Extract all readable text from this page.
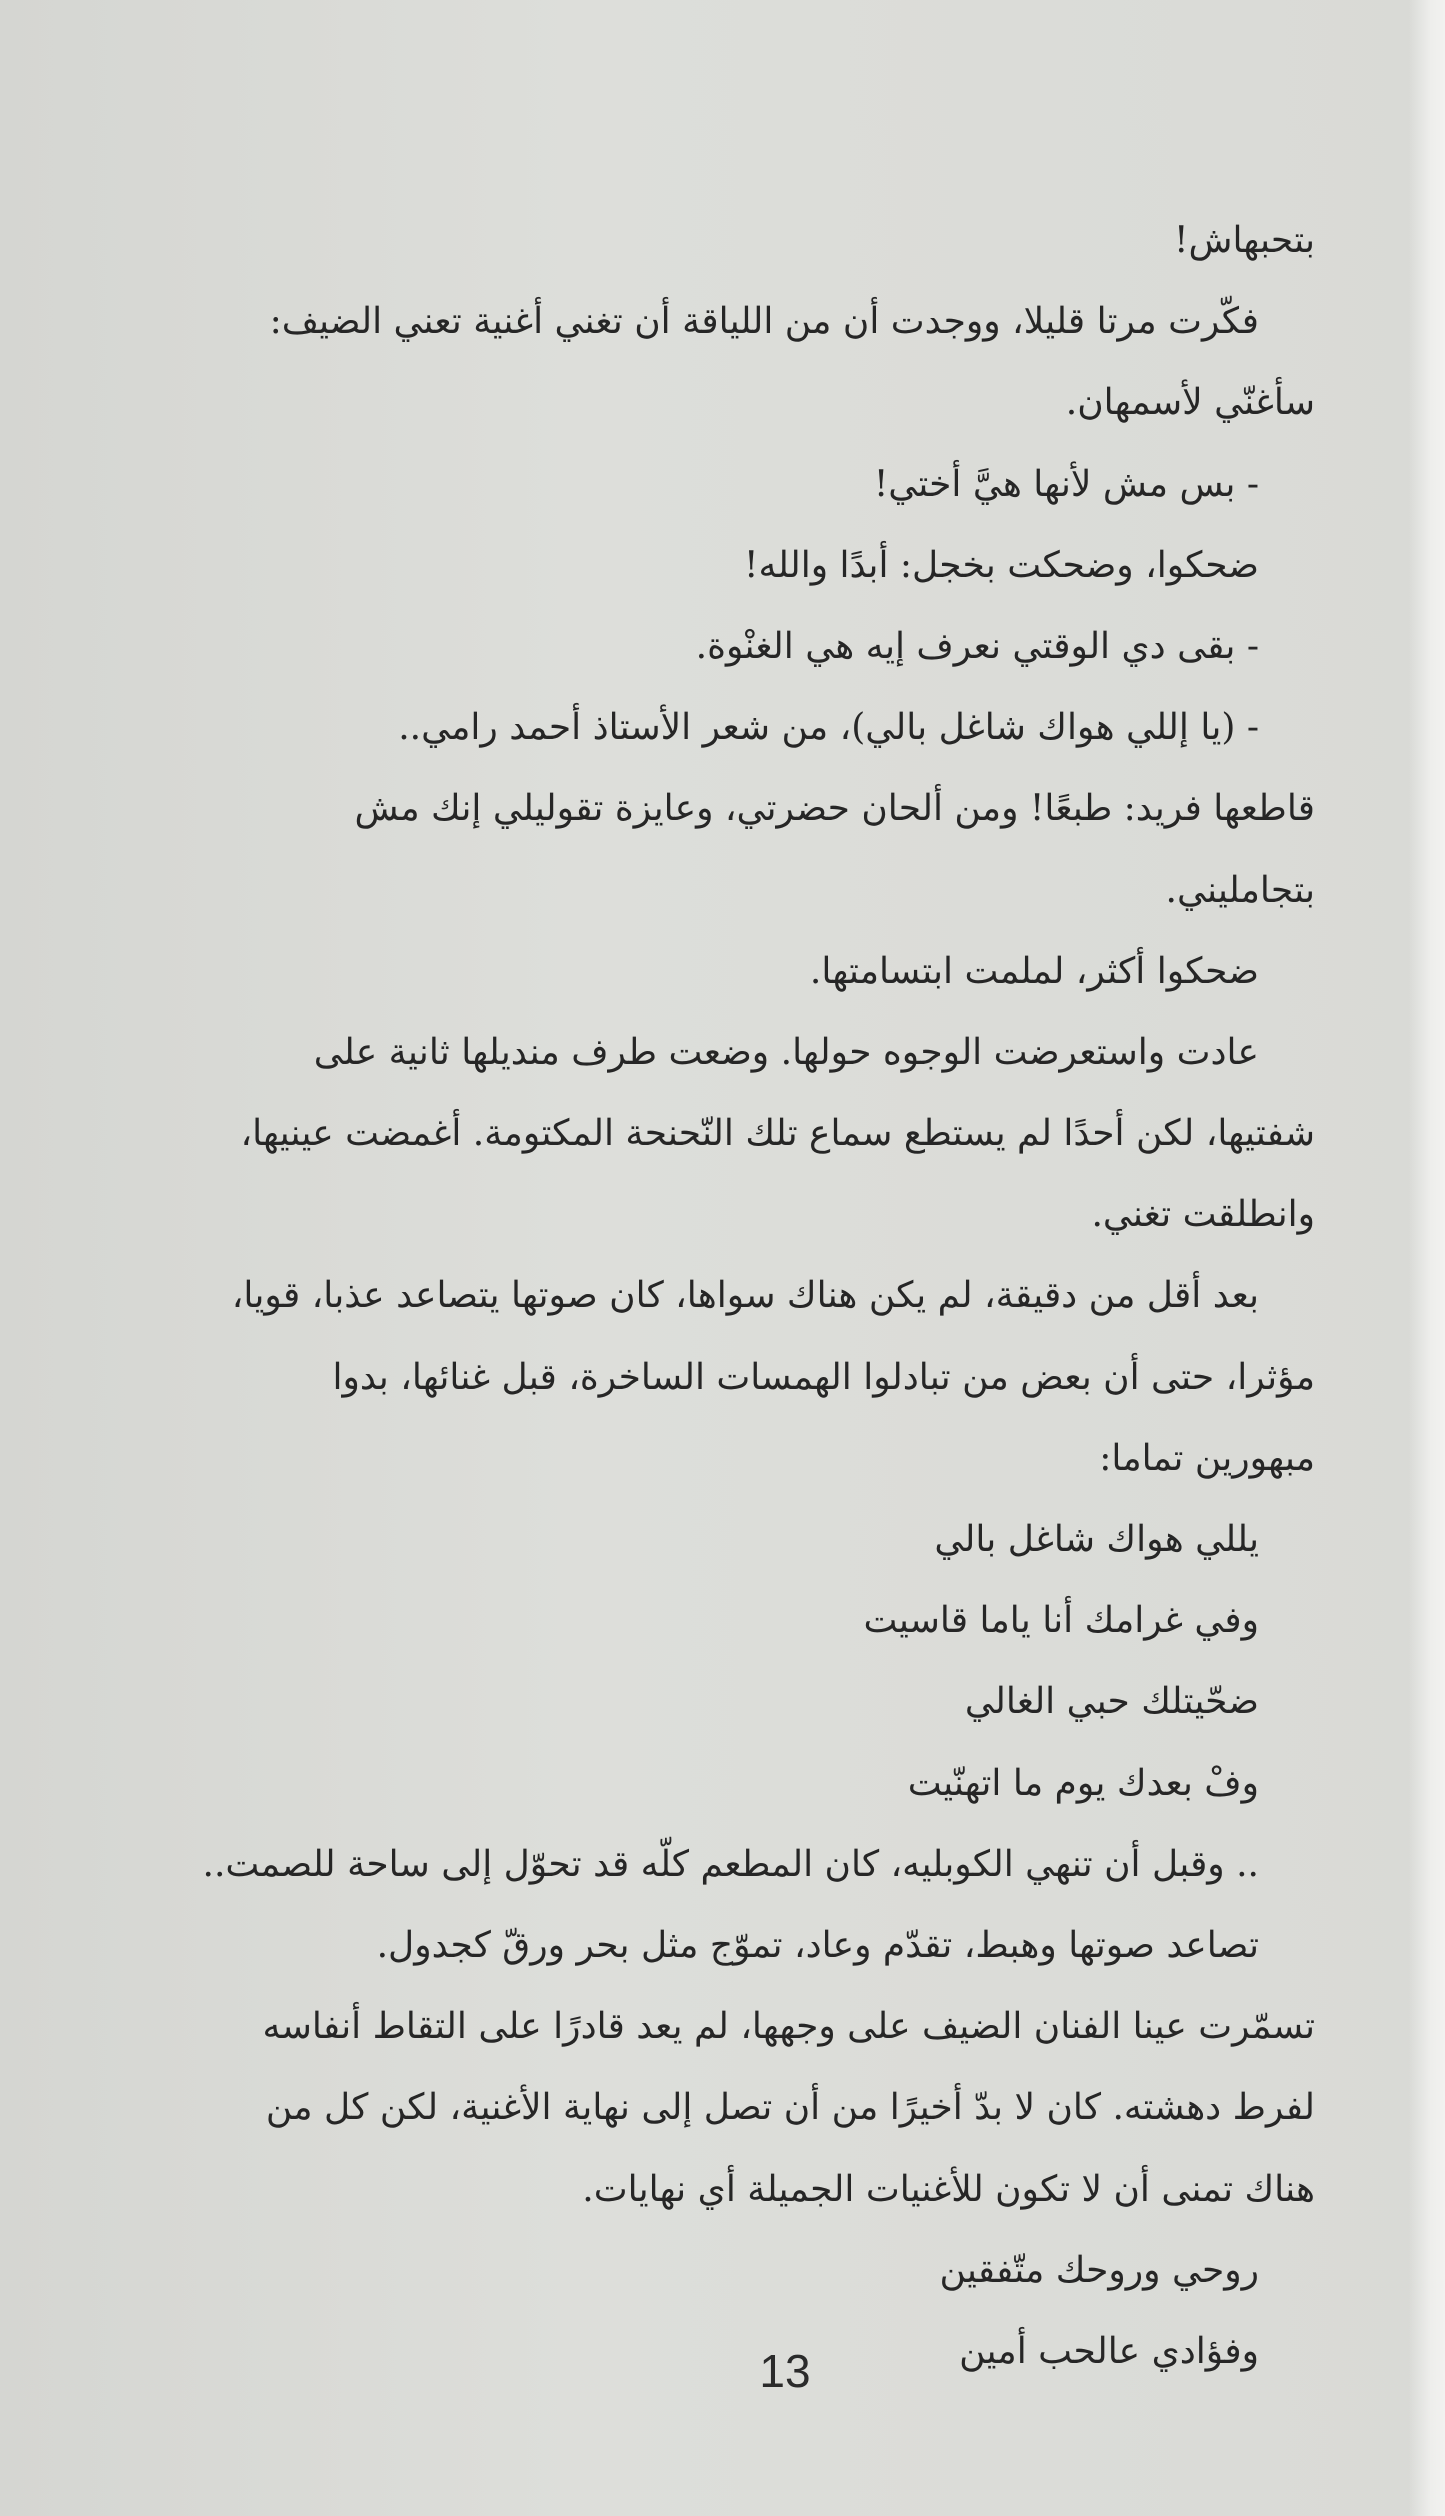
بتحبهاش!

فكّرت مرتا قليلا، ووجدت أن من اللياقة أن تغني أغنية تعني الضيف:

سأغنّي لأسمهان.

- بس مش لأنها هيَّ أختي!

ضحكوا، وضحكت بخجل: أبدًا والله!

- بقى دي الوقتي نعرف إيه هي الغنْوة.

- (يا إللي هواك شاغل بالي)، من شعر الأستاذ أحمد رامي..

قاطعها فريد: طبعًا! ومن ألحان حضرتي، وعايزة تقوليلي إنك مش

بتجامليني.

ضحكوا أكثر، لملمت ابتسامتها.

عادت واستعرضت الوجوه حولها. وضعت طرف منديلها ثانية على

شفتيها، لكن أحدًا لم يستطع سماع تلك النّحنحة المكتومة. أغمضت عينيها،

وانطلقت تغني.

بعد أقل من دقيقة، لم يكن هناك سواها، كان صوتها يتصاعد عذبا، قويا،

مؤثرا، حتى أن بعض من تبادلوا الهمسات الساخرة، قبل غنائها، بدوا

مبهورين تماما:

يللي هواك شاغل بالي

وفي غرامك أنا ياما قاسيت

ضحّيتلك حبي الغالي

وفْ بعدك يوم ما اتهنّيت

.. وقبل أن تنهي الكوبليه، كان المطعم كلّه قد تحوّل إلى ساحة للصمت..

تصاعد صوتها وهبط، تقدّم وعاد، تموّج مثل بحر ورقّ كجدول.

تسمّرت عينا الفنان الضيف على وجهها، لم يعد قادرًا على التقاط أنفاسه

لفرط دهشته. كان لا بدّ أخيرًا من أن تصل إلى نهاية الأغنية، لكن كل من

هناك تمنى أن لا تكون للأغنيات الجميلة أي نهايات.

روحي وروحك متّفقين

وفؤادي عالحب أمين

13
